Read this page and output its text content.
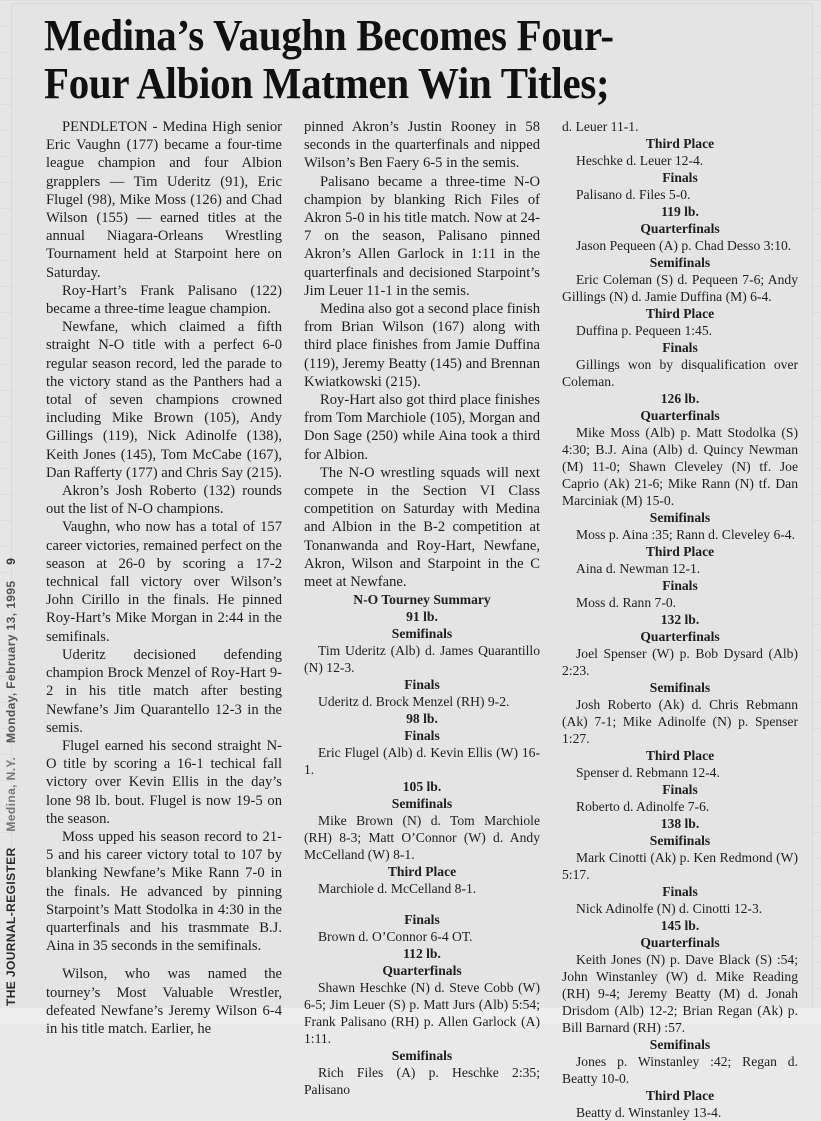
Medina’s Vaughn Becomes Four-
Four Albion Matmen Win Titles;
THE JOURNAL-REGISTER Medina, N.Y. Monday, February 13, 1995 9

PENDLETON - Medina High senior Eric Vaughn (177) became a four-time league champion and four Albion grapplers — Tim Uderitz (91), Eric Flugel (98), Mike Moss (126) and Chad Wilson (155) — earned titles at the annual Niagara-Orleans Wrestling Tournament held at Starpoint here on Saturday.

Roy-Hart’s Frank Palisano (122) became a three-time league champion.

Newfane, which claimed a fifth straight N-O title with a perfect 6-0 regular season record, led the parade to the victory stand as the Panthers had a total of seven champions crowned including Mike Brown (105), Andy Gillings (119), Nick Adinolfe (138), Keith Jones (145), Tom McCabe (167), Dan Rafferty (177) and Chris Say (215).

Akron’s Josh Roberto (132) rounds out the list of N-O champions.

Vaughn, who now has a total of 157 career victories, remained perfect on the season at 26-0 by scoring a 17-2 technical fall victory over Wilson’s John Cirillo in the finals. He pinned Roy-Hart’s Mike Morgan in 2:44 in the semifinals.

Uderitz decisioned defending champion Brock Menzel of Roy-Hart 9-2 in his title match after besting Newfane’s Jim Quarantello 12-3 in the semis.

Flugel earned his second straight N-O title by scoring a 16-1 techical fall victory over Kevin Ellis in the day’s lone 98 lb. bout. Flugel is now 19-5 on the season.

Moss upped his season record to 21-5 and his career victory total to 107 by blanking Newfane’s Mike Rann 7-0 in the finals. He advanced by pinning Starpoint’s Matt Stodolka in 4:30 in the quarterfinals and his trasmmate B.J. Aina in 35 seconds in the semifinals.

Wilson, who was named the tourney’s Most Valuable Wrestler, defeated Newfane’s Jeremy Wilson 6-4 in his title match. Earlier, he

pinned Akron’s Justin Rooney in 58 seconds in the quarterfinals and nipped Wilson’s Ben Faery 6-5 in the semis.

Palisano became a three-time N-O champion by blanking Rich Files of Akron 5-0 in his title match. Now at 24-7 on the season, Palisano pinned Akron’s Allen Garlock in 1:11 in the quarterfinals and decisioned Starpoint’s Jim Leuer 11-1 in the semis.

Medina also got a second place finish from Brian Wilson (167) along with third place finishes from Jamie Duffina (119), Jeremy Beatty (145) and Brennan Kwiatkowski (215).

Roy-Hart also got third place finishes from Tom Marchiole (105), Morgan and Don Sage (250) while Aina took a third for Albion.

The N-O wrestling squads will next compete in the Section VI Class competition on Saturday with Medina and Albion in the B-2 competition at Tonanwanda and Roy-Hart, Newfane, Akron, Wilson and Starpoint in the C meet at Newfane.

N-O Tourney Summary
91 lb.
Semifinals
Tim Uderitz (Alb) d. James Quarantillo (N) 12-3.
Finals
Uderitz d. Brock Menzel (RH) 9-2.
98 lb.
Finals
Eric Flugel (Alb) d. Kevin Ellis (W) 16-1.
105 lb.
Semifinals
Mike Brown (N) d. Tom Marchiole (RH) 8-3; Matt O’Connor (W) d. Andy McCelland (W) 8-1.
Third Place
Marchiole d. McCelland 8-1.
Finals
Brown d. O’Connor 6-4 OT.
112 lb.
Quarterfinals
Shawn Heschke (N) d. Steve Cobb (W) 6-5; Jim Leuer (S) p. Matt Jurs (Alb) 5:54; Frank Palisano (RH) p. Allen Garlock (A) 1:11.
Semifinals
Rich Files (A) p. Heschke 2:35; Palisano
d. Leuer 11-1.
Third Place
Heschke d. Leuer 12-4.
Finals
Palisano d. Files 5-0.
119 lb.
Quarterfinals
Jason Pequeen (A) p. Chad Desso 3:10.
Semifinals
Eric Coleman (S) d. Pequeen 7-6; Andy Gillings (N) d. Jamie Duffina (M) 6-4.
Third Place
Duffina p. Pequeen 1:45.
Finals
Gillings won by disqualification over Coleman.
126 lb.
Quarterfinals
Mike Moss (Alb) p. Matt Stodolka (S) 4:30; B.J. Aina (Alb) d. Quincy Newman (M) 11-0; Shawn Cleveley (N) tf. Joe Caprio (Ak) 21-6; Mike Rann (N) tf. Dan Marciniak (M) 15-0.
Semifinals
Moss p. Aina :35; Rann d. Cleveley 6-4.
Third Place
Aina d. Newman 12-1.
Finals
Moss d. Rann 7-0.
132 lb.
Quarterfinals
Joel Spenser (W) p. Bob Dysard (Alb) 2:23.
Semifinals
Josh Roberto (Ak) d. Chris Rebmann (Ak) 7-1; Mike Adinolfe (N) p. Spenser 1:27.
Third Place
Spenser d. Rebmann 12-4.
Finals
Roberto d. Adinolfe 7-6.
138 lb.
Semifinals
Mark Cinotti (Ak) p. Ken Redmond (W) 5:17.
Finals
Nick Adinolfe (N) d. Cinotti 12-3.
145 lb.
Quarterfinals
Keith Jones (N) p. Dave Black (S) :54; John Winstanley (W) d. Mike Reading (RH) 9-4; Jeremy Beatty (M) d. Jonah Drisdom (Alb) 12-2; Brian Regan (Ak) p. Bill Barnard (RH) :57.
Semifinals
Jones p. Winstanley :42; Regan d. Beatty 10-0.
Third Place
Beatty d. Winstanley 13-4.
